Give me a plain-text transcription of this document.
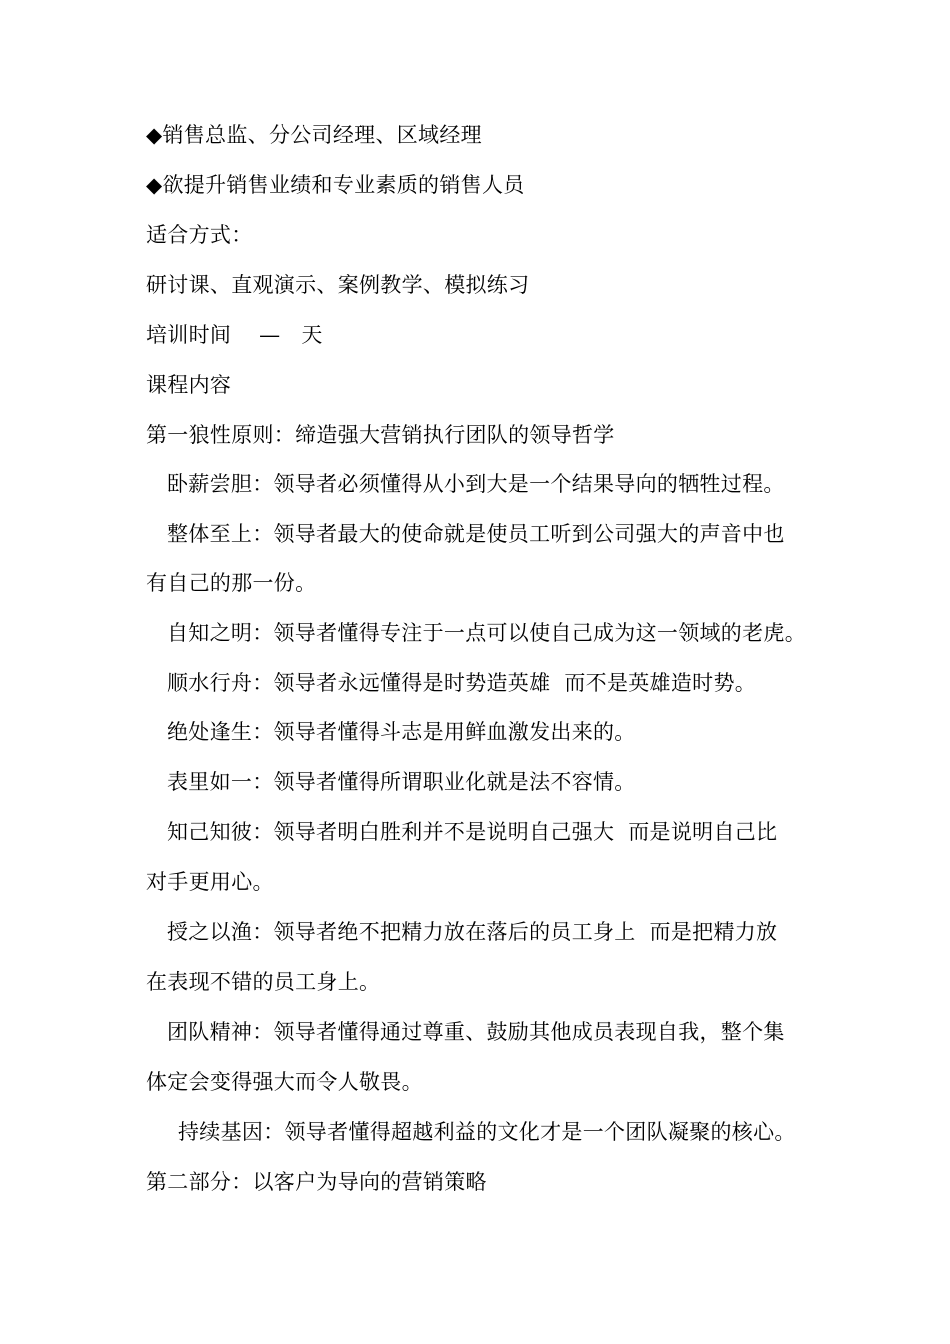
◆销售总监、分公司经理、区域经理
◆欲提升销售业绩和专业素质的销售人员
适合方式：
研讨课、直观演示、案例教学、模拟练习
培训时间    —   天
课程内容
第一狼性原则：缔造强大营销执行团队的领导哲学
卧薪尝胆：领导者必须懂得从小到大是一个结果导向的牺牲过程。
整体至上：领导者最大的使命就是使员工听到公司强大的声音中也
有自己的那一份。
自知之明：领导者懂得专注于一点可以使自己成为这一领域的老虎。
顺水行舟：领导者永远懂得是时势造英雄  而不是英雄造时势。
绝处逢生：领导者懂得斗志是用鲜血激发出来的。
表里如一：领导者懂得所谓职业化就是法不容情。
知己知彼：领导者明白胜利并不是说明自己强大  而是说明自己比
对手更用心。
授之以渔：领导者绝不把精力放在落后的员工身上  而是把精力放
在表现不错的员工身上。
团队精神：领导者懂得通过尊重、鼓励其他成员表现自我，整个集
体定会变得强大而令人敬畏。
持续基因：领导者懂得超越利益的文化才是一个团队凝聚的核心。
第二部分：以客户为导向的营销策略
